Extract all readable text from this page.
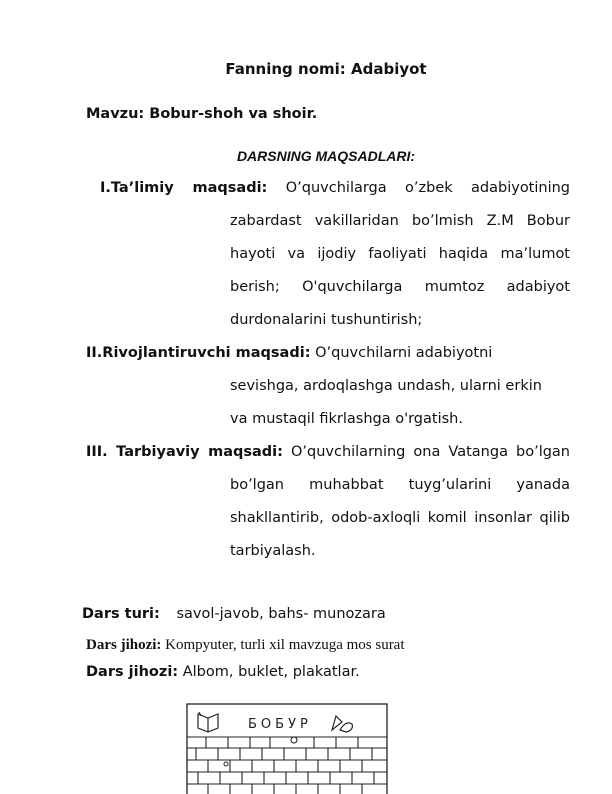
Fanning nomi: Adabiyot
Mavzu: Bobur-shoh va shoir.
DARSNING MAQSADLARI:
I.Ta’limiy maqsadi: O’quvchilarga o’zbek adabiyotining
zabardast vakillaridan bo’lmish Z.M Bobur
hayoti va ijodiy faoliyati haqida ma’lumot
berish; O'quvchilarga mumtoz adabiyot
durdonalarini tushuntirish;
II.Rivojlantiruvchi maqsadi: O’quvchilarni adabiyotni
sevishga, ardoqlashga undash, ularni erkin
va mustaqil fikrlashga o'rgatish.
III. Tarbiyaviy maqsadi: O’quvchilarning ona Vatanga bo’lgan
bo’lgan muhabbat tuyg’ularini yanada
shakllantirib, odob-axloqli komil insonlar qilib
tarbiyalash.
Dars turi: savol-javob, bahs- munozara
Dars jihozi: Kompyuter, turli xil mavzuga mos surat
Dars jihozi: Albom, buklet, plakatlar.
БОБУР
